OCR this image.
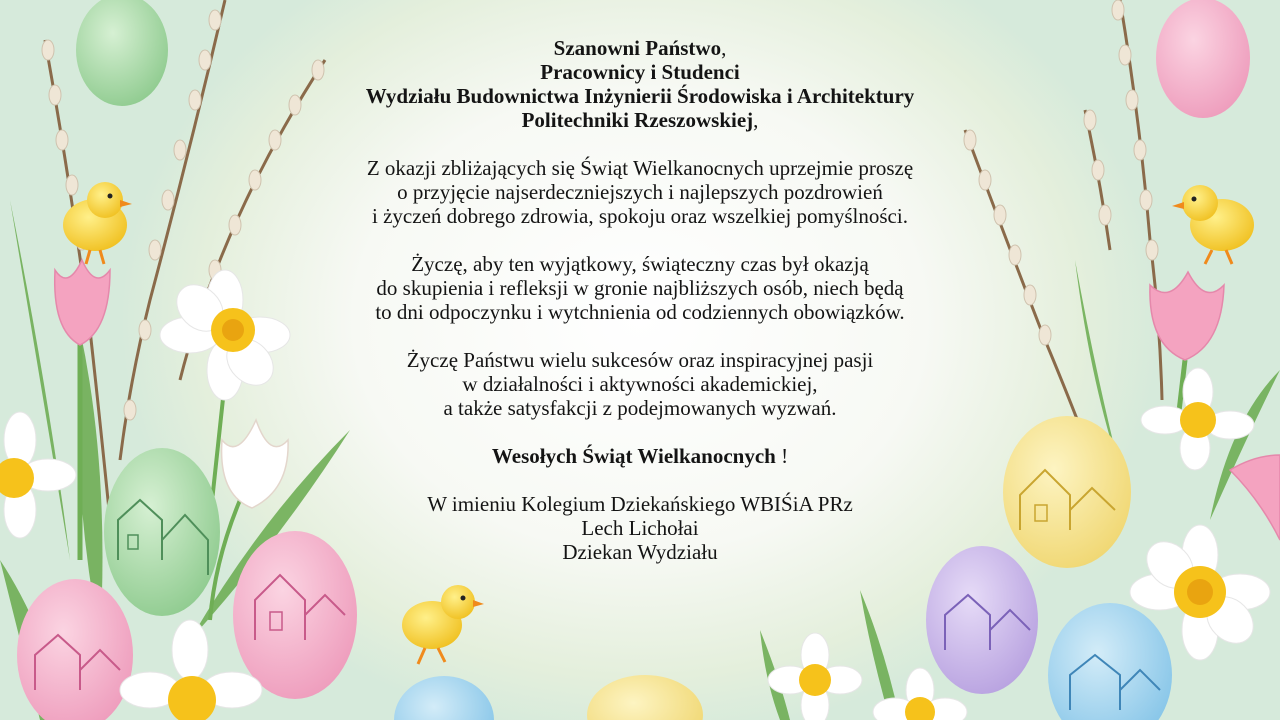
Szanowni Państwo,
Pracownicy i Studenci
Wydziału Budownictwa Inżynierii Środowiska i Architektury
Politechniki Rzeszowskiej,
Z okazji zbliżających się Świąt Wielkanocnych uprzejmie proszę
o przyjęcie najserdeczniejszych i najlepszych pozdrowień
i życzeń dobrego zdrowia, spokoju oraz wszelkiej pomyślności.
Życzę, aby ten wyjątkowy, świąteczny czas był okazją
do skupienia i refleksji w gronie najbliższych osób, niech będą
to dni odpoczynku i wytchnienia od codziennych obowiązków.
Życzę Państwu wielu sukcesów oraz inspiracyjnej pasji
w działalności i aktywności akademickiej,
a także satysfakcji z podejmowanych wyzwań.
Wesołych Świąt Wielkanocnych !
W imieniu Kolegium Dziekańskiego WBIŚiA PRz
Lech Lichołai
Dziekan Wydziału
